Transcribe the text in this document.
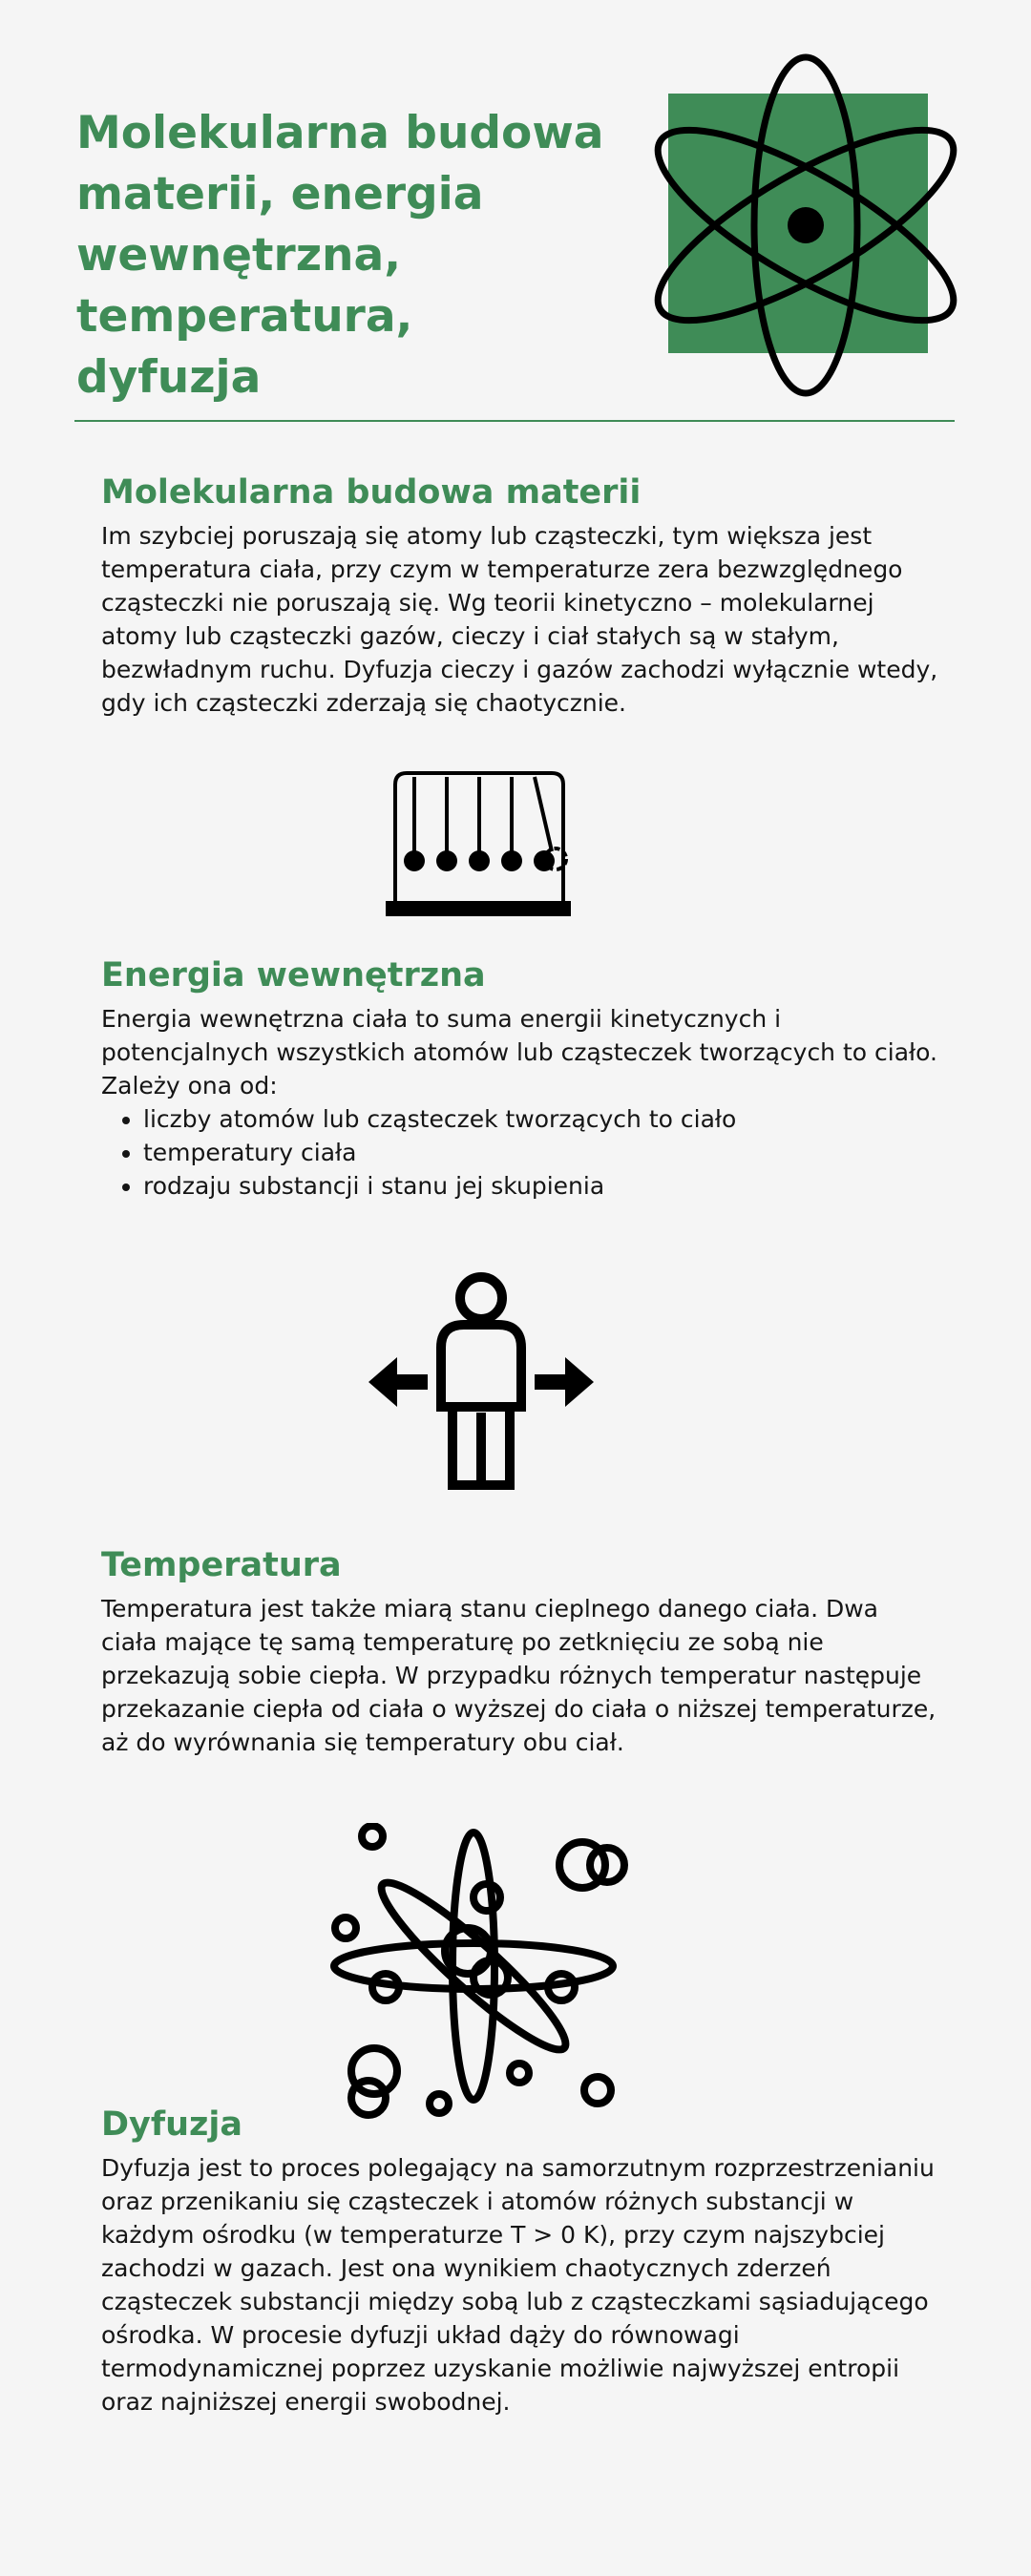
Molekularna budowa materii, energia wewnętrzna, temperatura, dyfuzja
Molekularna budowa materii

Im szybciej poruszają się atomy lub cząsteczki, tym większa jest temperatura ciała, przy czym w temperaturze zera bezwzględnego cząsteczki nie poruszają się. Wg teorii kinetyczno – molekularnej atomy lub cząsteczki gazów, cieczy i ciał stałych są w stałym, bezwładnym ruchu. Dyfuzja cieczy i gazów zachodzi wyłącznie wtedy, gdy ich cząsteczki zderzają się chaotycznie.

Energia wewnętrzna

Energia wewnętrzna ciała to suma energii kinetycznych i potencjalnych wszystkich atomów lub cząsteczek tworzących to ciało.

Zależy ona od:

• liczby atomów lub cząsteczek tworzących to ciało
• temperatury ciała
• rodzaju substancji i stanu jej skupienia
Temperatura

Temperatura jest także miarą stanu cieplnego danego ciała. Dwa ciała mające tę samą temperaturę po zetknięciu ze sobą nie przekazują sobie ciepła. W przypadku różnych temperatur następuje przekazanie ciepła od ciała o wyższej do ciała o niższej temperaturze, aż do wyrównania się temperatury obu ciał.

Dyfuzja

Dyfuzja jest to proces polegający na samorzutnym rozprzestrzenianiu oraz przenikaniu się cząsteczek i atomów różnych substancji w każdym ośrodku (w temperaturze T > 0 K), przy czym najszybciej zachodzi w gazach. Jest ona wynikiem chaotycznych zderzeń cząsteczek substancji między sobą lub z cząsteczkami sąsiadującego ośrodka. W procesie dyfuzji układ dąży do równowagi termodynamicznej poprzez uzyskanie możliwie najwyższej entropii oraz najniższej energii swobodnej.
